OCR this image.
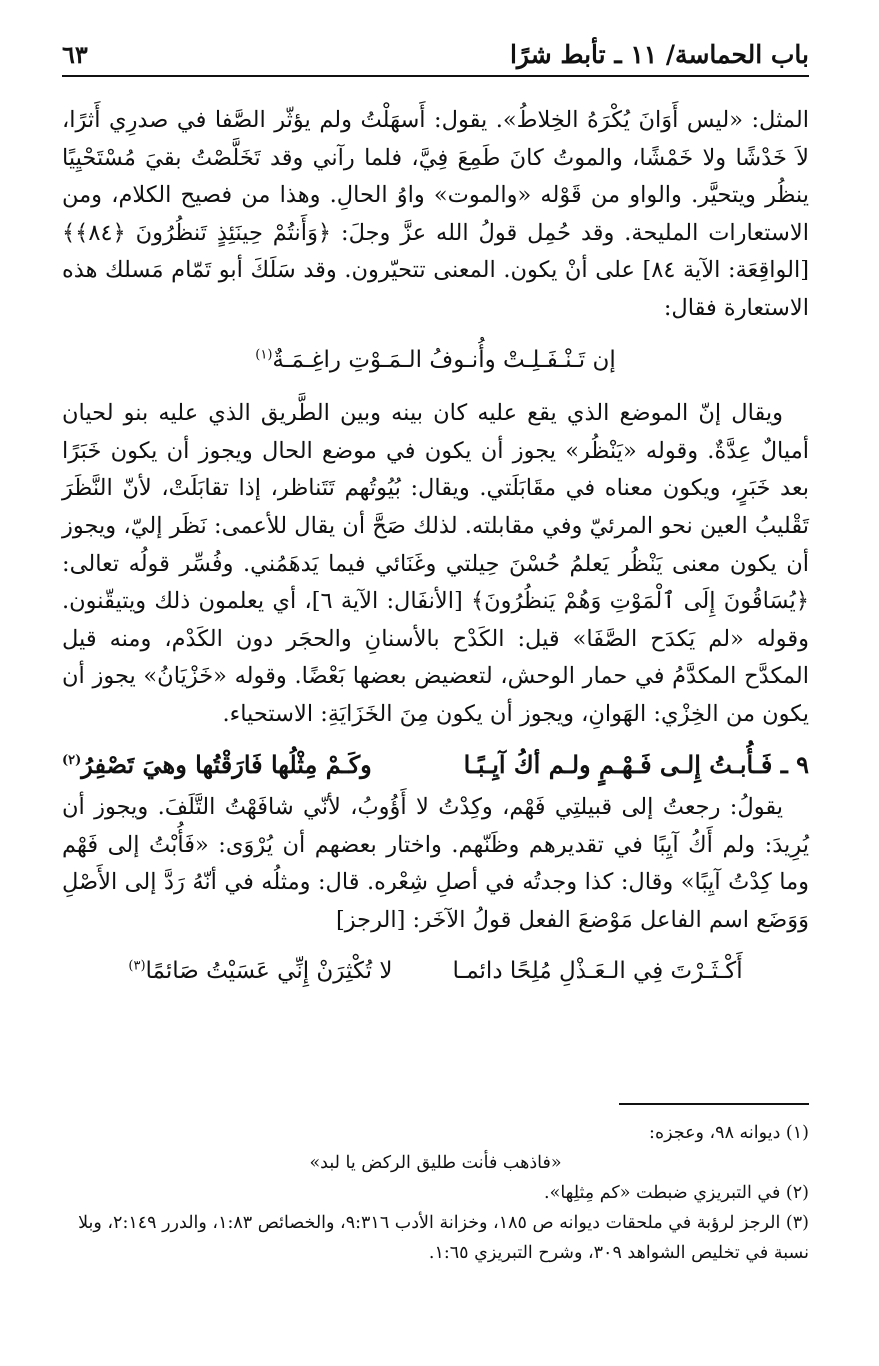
باب الحماسة/ ١١ ـ تأبط شرًا
٦٣

المثل: «ليس أَوَانَ يُكْرَهُ الخِلاطُ». يقول: أَسهَلْتُ ولم يؤثّر الصَّفا في صدرِي أَثرًا، لاَ خَدْشًا ولا خَمْشًا، والموتُ كانَ طَمِعَ فِيَّ، فلما رآني وقد تَخَلَّصْتُ بقيَ مُسْتَحْيِيًا ينظُر ويتحيَّر. والواو من قَوْله «والموت» واوُ الحالِ. وهذا من فصيح الكلام، ومن الاستعارات المليحة. وقد حُمِل قولُ الله عزَّ وجلَ: ﴿وَأَنتُمْ حِينَئِذٍ تَنظُرُونَ ﴿٨٤﴾﴾ [الواقِعَة: الآية ٨٤] على أنْ يكون. المعنى تتحيّرون. وقد سَلَكَ أبو تَمّام مَسلك هذه الاستعارة فقال:

إن تَـنْـفَـلِـتْ وأُنـوفُ الـمَـوْتِ راغِـمَـةٌ$^{(١)}$

ويقال إنّ الموضع الذي يقع عليه كان بينه وبين الطَّريق الذي عليه بنو لحيان أميالٌ عِدَّةٌ. وقوله «يَنْظُر» يجوز أن يكون في موضع الحال ويجوز أن يكون خَبَرًا بعد خَبَرٍ، ويكون معناه في مقَابَلَتي. ويقال: بُيُوتُهم تَتَناظر، إذا تقابَلَتْ، لأنّ النَّظَرَ تَقْليبُ العين نحو المرئيّ وفي مقابلته. لذلك صَحَّ أن يقال للأعمى: نَظَر إليّ، ويجوز أن يكون معنى يَنْظُر يَعلمُ حُسْنَ حِيلتي وغَنَائي فيما يَدهَمُني. وفُسِّر قولُه تعالى: ﴿يُسَاقُونَ إِلَى ٱلْمَوْتِ وَهُمْ يَنظُرُونَ﴾ [الأنفَال: الآية ٦]، أي يعلمون ذلك ويتيقّنون. وقوله «لم يَكدَح الصَّفَا» قيل: الكَدْح بالأسنانِ والحجَر دون الكَدْم، ومنه قيل المكدَّح المكدَّمُ في حمار الوحش، لتعضيض بعضها بَعْضًا. وقوله «خَزْيَانُ» يجوز أن يكون من الخِزْي: الهَوانِ، ويجوز أن يكون مِنَ الخَزَايَةِ: الاستحياء.

٩ ـ فَـأُبـتُ إِلـى فَـهْـمٍ ولـم أكُ آيِـبًـا
وكَـمْ مِثْلُها فَارَقْتُها وهيَ تَصْفِرُ$^{(٢)}$

يقولُ: رجعتُ إلى قبيلتِي فَهْم، وكِدْتُ لا أَؤُوبُ، لأنّي شافَهْتُ التَّلَفَ. ويجوز أن يُرِيدَ: ولم أَكُ آيِبًا في تقديرهم وظَنّهم. واختار بعضهم أن يُرْوَى: «فَأُبْتُ إلى فَهْم وما كِدْتُ آيِبًا» وقال: كذا وجدتُه في أصلِ شِعْره. قال: ومثلُه في أنّهُ رَدَّ إلى الأَصْلِ وَوَضَع اسم الفاعل مَوْضعَ الفعل قولُ الآخَر: [الرجز]

أَكْـثَـرْتَ فِي الـعَـذْلِ مُلِحًا دائمـا
لا تُكْثِرَنْ إِنِّي عَسَيْتُ صَائمًا$^{(٣)}$

(١) ديوانه ٩٨، وعجزه:

«فاذهب فأنت طليق الركض يا لبد»

(٢) في التبريزي ضبطت «كم مِثلِها».

(٣) الرجز لرؤبة في ملحقات ديوانه ص ١٨٥، وخزانة الأدب ٩:٣١٦، والخصائص ١:٨٣، والدرر ٢:١٤٩، وبلا نسبة في تخليص الشواهد ٣٠٩، وشرح التبريزي ١:٦٥.
